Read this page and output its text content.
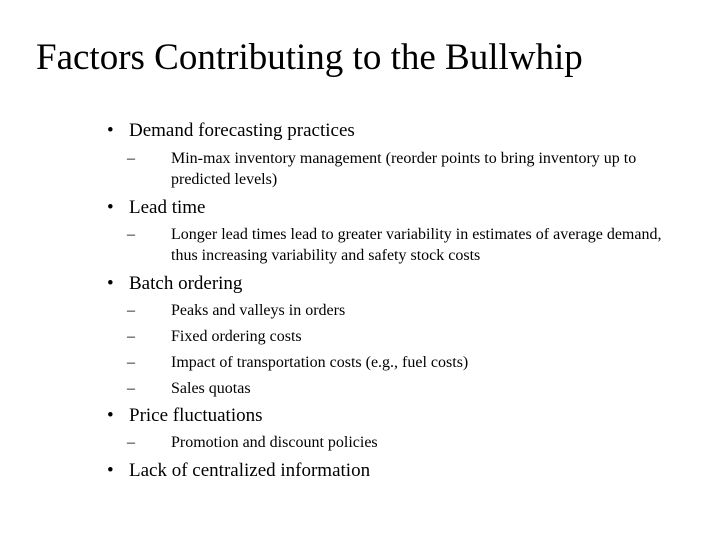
Factors Contributing to the Bullwhip
• Demand forecasting practices
– Min-max inventory management (reorder points to bring inventory up to predicted levels)
• Lead time
– Longer lead times lead to greater variability in estimates of average demand, thus increasing variability and safety stock costs
• Batch ordering
– Peaks and valleys in orders
– Fixed ordering costs
– Impact of transportation costs (e.g., fuel costs)
– Sales quotas
• Price fluctuations
– Promotion and discount policies
• Lack of centralized information
